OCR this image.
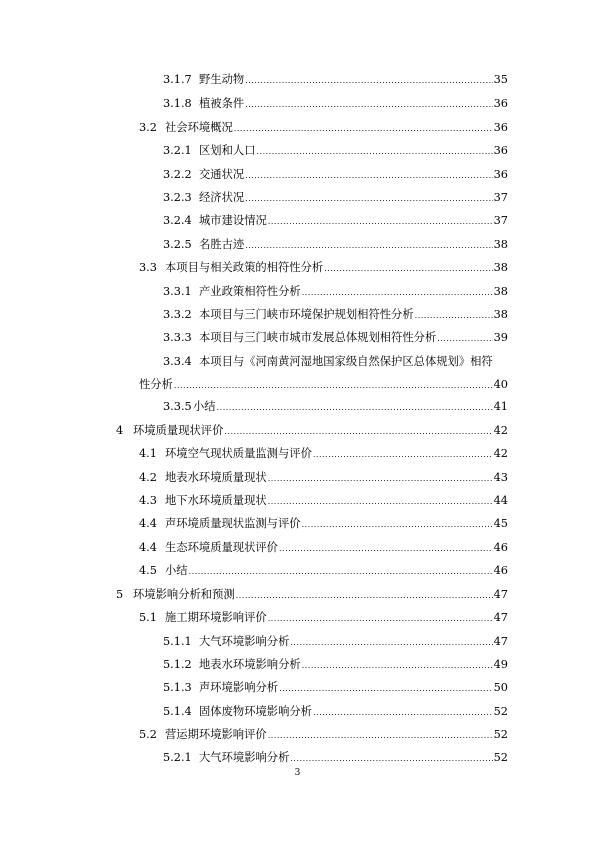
3.1.7 野生动物 .....	35
3.1.8 植被条件 .....	36
3.2 社会环境概况 .....	36
3.2.1 区划和人口 .....	36
3.2.2 交通状况 .....	36
3.2.3 经济状况 .....	37
3.2.4 城市建设情况 .....	37
3.2.5 名胜古迹 .....	38
3.3 本项目与相关政策的相符性分析 .....	38
3.3.1 产业政策相符性分析 .....	38
3.3.2 本项目与三门峡市环境保护规划相符性分析 .....	38
3.3.3 本项目与三门峡市城市发展总体规划相符性分析 .....	39
3.3.4 本项目与《河南黄河湿地国家级自然保护区总体规划》相符
性分析 .....	40
3.3.5 小结 .....	41
4 环境质量现状评价 .....	42
4.1 环境空气现状质量监测与评价 .....	42
4.2 地表水环境质量现状 .....	43
4.3 地下水环境质量现状 .....	44
4.4 声环境质量现状监测与评价 .....	45
4.4 生态环境质量现状评价 .....	46
4.5 小结 .....	46
5 环境影响分析和预测 .....	47
5.1 施工期环境影响评价 .....	47
5.1.1 大气环境影响分析 .....	47
5.1.2 地表水环境影响分析 .....	49
5.1.3 声环境影响分析 .....	50
5.1.4 固体废物环境影响分析 .....	52
5.2 营运期环境影响评价 .....	52
5.2.1 大气环境影响分析 .....	52
3
